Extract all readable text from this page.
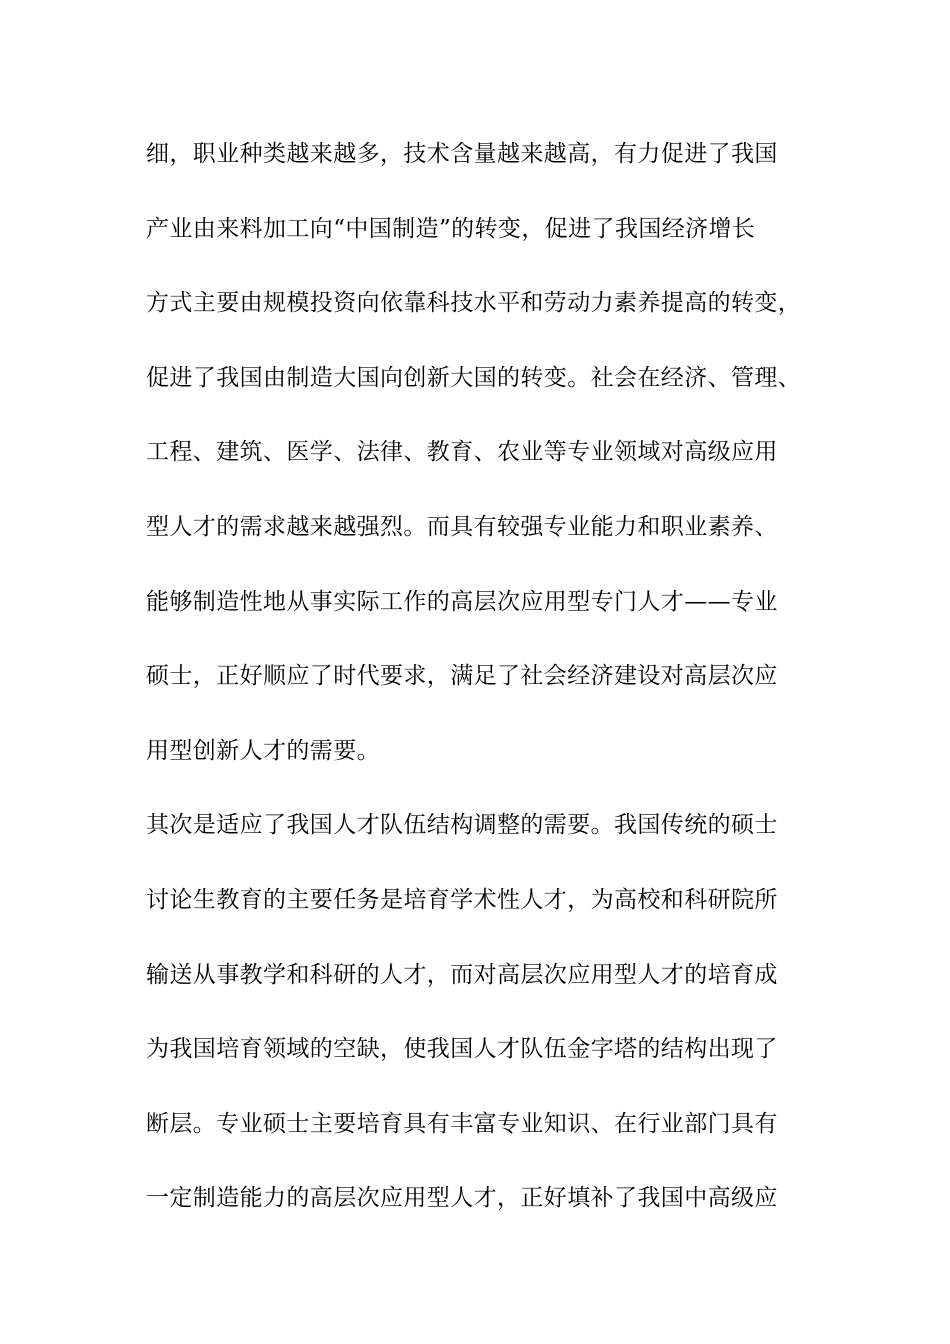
细，职业种类越来越多，技术含量越来越高，有力促进了我国
产业由来料加工向“中国制造”的转变，促进了我国经济增长
方式主要由规模投资向依靠科技水平和劳动力素养提高的转变，
促进了我国由制造大国向创新大国的转变。社会在经济、管理、
工程、建筑、医学、法律、教育、农业等专业领域对高级应用
型人才的需求越来越强烈。而具有较强专业能力和职业素养、
能够制造性地从事实际工作的高层次应用型专门人才——专业
硕士，正好顺应了时代要求，满足了社会经济建设对高层次应
用型创新人才的需要。
其次是适应了我国人才队伍结构调整的需要。我国传统的硕士
讨论生教育的主要任务是培育学术性人才，为高校和科研院所
输送从事教学和科研的人才，而对高层次应用型人才的培育成
为我国培育领域的空缺，使我国人才队伍金字塔的结构出现了
断层。专业硕士主要培育具有丰富专业知识、在行业部门具有
一定制造能力的高层次应用型人才，正好填补了我国中高级应
